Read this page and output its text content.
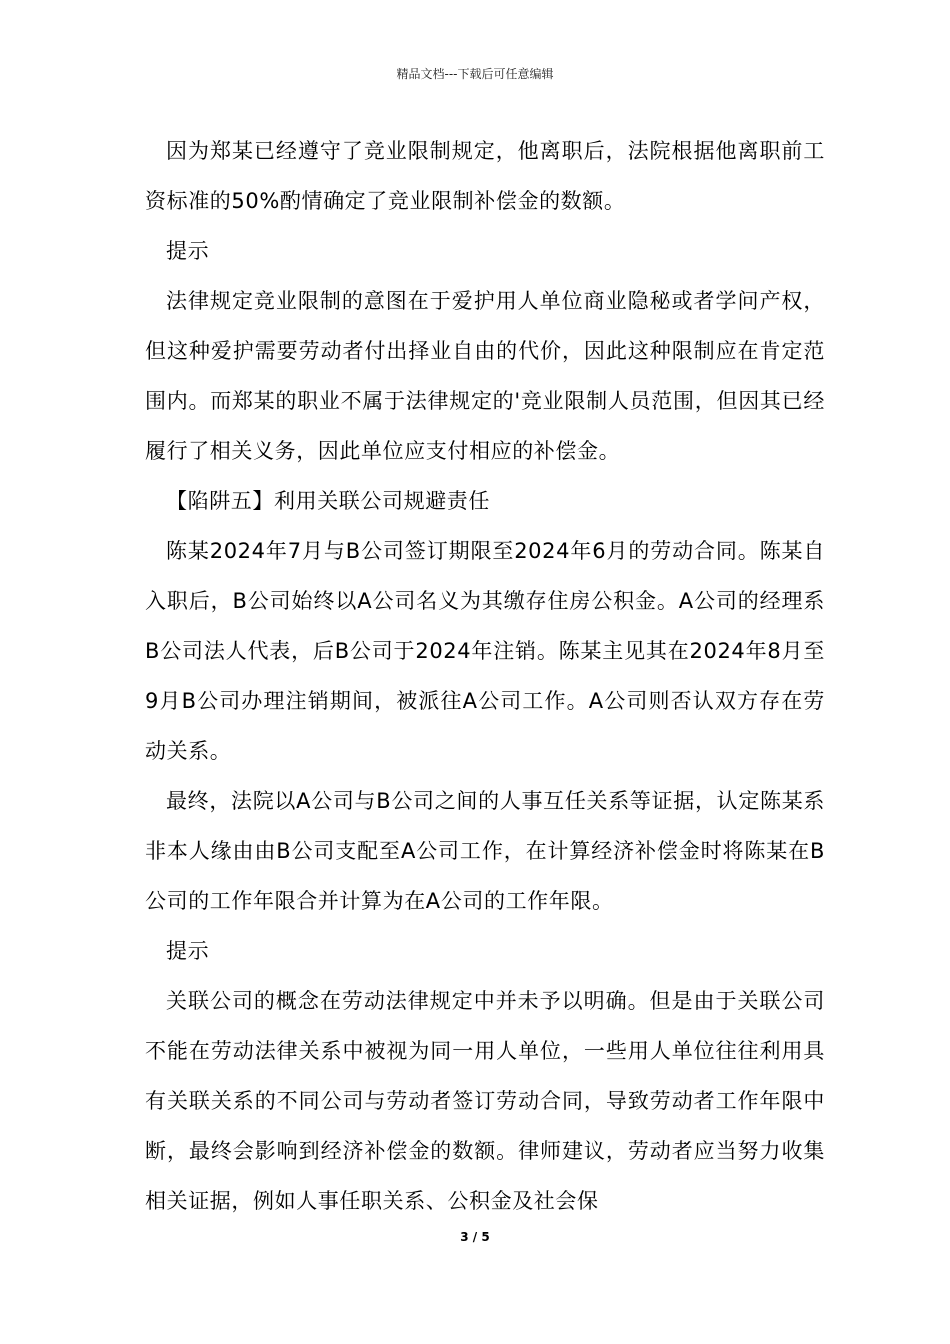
精品文档---下载后可任意编辑

因为郑某已经遵守了竞业限制规定，他离职后，法院根据他离职前工资标准的50%酌情确定了竞业限制补偿金的数额。

提示

法律规定竞业限制的意图在于爱护用人单位商业隐秘或者学问产权，但这种爱护需要劳动者付出择业自由的代价，因此这种限制应在肯定范围内。而郑某的职业不属于法律规定的'竞业限制人员范围，但因其已经履行了相关义务，因此单位应支付相应的补偿金。

【陷阱五】利用关联公司规避责任

陈某2024年7月与B公司签订期限至2024年6月的劳动合同。陈某自入职后，B公司始终以A公司名义为其缴存住房公积金。A公司的经理系B公司法人代表，后B公司于2024年注销。陈某主见其在2024年8月至9月B公司办理注销期间，被派往A公司工作。A公司则否认双方存在劳动关系。

最终，法院以A公司与B公司之间的人事互任关系等证据，认定陈某系非本人缘由由B公司支配至A公司工作，在计算经济补偿金时将陈某在B公司的工作年限合并计算为在A公司的工作年限。

提示

关联公司的概念在劳动法律规定中并未予以明确。但是由于关联公司不能在劳动法律关系中被视为同一用人单位，一些用人单位往往利用具有关联关系的不同公司与劳动者签订劳动合同，导致劳动者工作年限中断，最终会影响到经济补偿金的数额。律师建议，劳动者应当努力收集相关证据，例如人事任职关系、公积金及社会保

3 / 5
